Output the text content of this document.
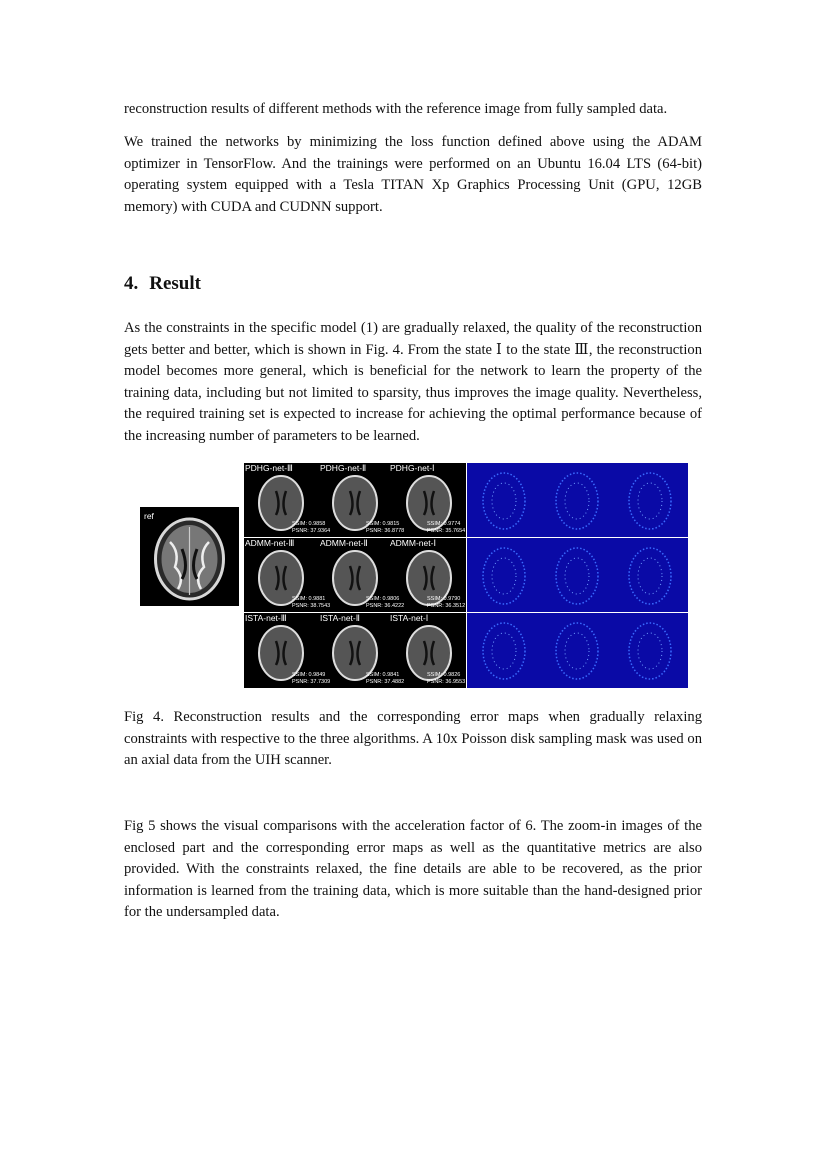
reconstruction results of different methods with the reference image from fully sampled data.

We trained the networks by minimizing the loss function defined above using the ADAM optimizer in TensorFlow. And the trainings were performed on an Ubuntu 16.04 LTS (64-bit) operating system equipped with a Tesla TITAN Xp Graphics Processing Unit (GPU, 12GB memory) with CUDA and CUDNN support.

4. Result

As the constraints in the specific model (1) are gradually relaxed, the quality of the reconstruction gets better and better, which is shown in Fig. 4. From the state Ⅰ to the state Ⅲ, the reconstruction model becomes more general, which is beneficial for the network to learn the property of the training data, including but not limited to sparsity, thus improves the image quality. Nevertheless, the required training set is expected to increase for achieving the optimal performance because of the increasing number of parameters to be learned.

ref
PDHG-net-Ⅲ	PDHG-net-Ⅱ	PDHG-net-Ⅰ
SSIM: 0.9858
PSNR: 37.9364
SSIM: 0.9815
PSNR: 36.8778
SSIM: 0.9774
PSNR: 35.7654
ADMM-net-Ⅲ	ADMM-net-Ⅱ	ADMM-net-Ⅰ
SSIM: 0.9881
PSNR: 38.7543
SSIM: 0.9806
PSNR: 36.4222
SSIM: 0.9790
PSNR: 36.3512
ISTA-net-Ⅲ	ISTA-net-Ⅱ	ISTA-net-Ⅰ
SSIM: 0.9849
PSNR: 37.7309
SSIM: 0.9841
PSNR: 37.4882
SSIM: 0.9826
PSNR: 36.9553

Fig 4. Reconstruction results and the corresponding error maps when gradually relaxing constraints with respective to the three algorithms. A 10x Poisson disk sampling mask was used on an axial data from the UIH scanner.

Fig 5 shows the visual comparisons with the acceleration factor of 6. The zoom-in images of the enclosed part and the corresponding error maps as well as the quantitative metrics are also provided. With the constraints relaxed, the fine details are able to be recovered, as the prior information is learned from the training data, which is more suitable than the hand-designed prior for the undersampled data.
